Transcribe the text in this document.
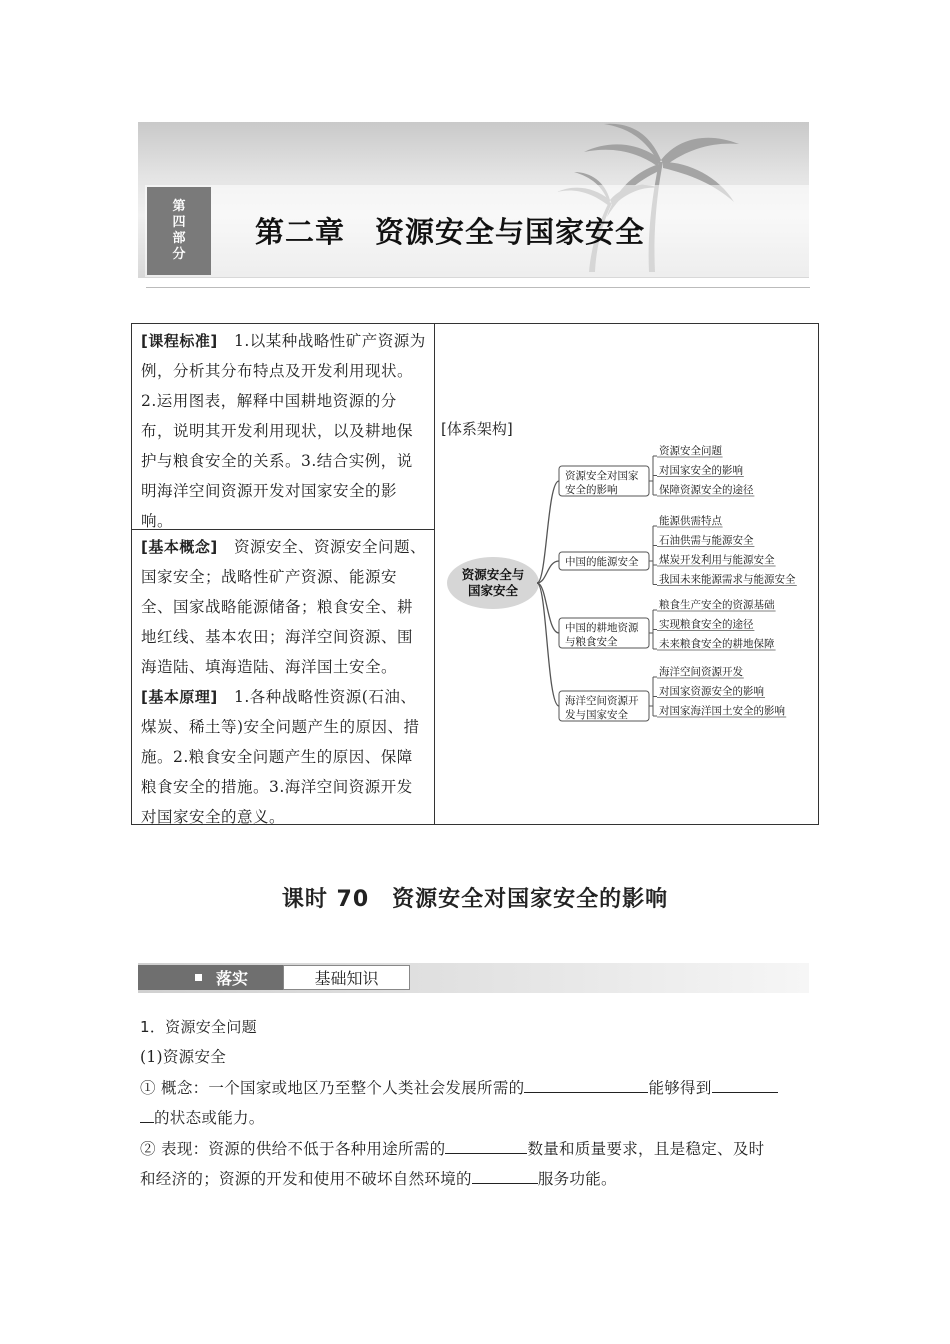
第四部分
第二章　资源安全与国家安全
[课程标准] 1.以某种战略性矿产资源为例，分析其分布特点及开发利用现状。2.运用图表，解释中国耕地资源的分布，说明其开发利用现状，以及耕地保护与粮食安全的关系。3.结合实例，说明海洋空间资源开发对国家安全的影响。
[基本概念] 资源安全、资源安全问题、国家安全；战略性矿产资源、能源安全、国家战略能源储备；粮食安全、耕地红线、基本农田；海洋空间资源、围海造陆、填海造陆、海洋国土安全。
[基本原理] 1.各种战略性资源(石油、煤炭、稀土等)安全问题产生的原因、措施。2.粮食安全问题产生的原因、保障粮食安全的措施。3.海洋空间资源开发对国家安全的意义。
[体系架构]
资源安全与
国家安全
资源安全对国家
安全的影响
资源安全问题
对国家安全的影响
保障资源安全的途径
中国的能源安全
能源供需特点
石油供需与能源安全
煤炭开发利用与能源安全
我国未来能源需求与能源安全
中国的耕地资源
与粮食安全
粮食生产安全的资源基础
实现粮食安全的途径
未来粮食安全的耕地保障
海洋空间资源开
发与国家安全
海洋空间资源开发
对国家资源安全的影响
对国家海洋国土安全的影响
课时 70　资源安全对国家安全的影响
落实	基础知识
1．资源安全问题
(1)资源安全
① 概念：一个国家或地区乃至整个人类社会发展所需的	能够得到
的状态或能力。
② 表现：资源的供给不低于各种用途所需的	数量和质量要求，且是稳定、及时
和经济的；资源的开发和使用不破坏自然环境的	服务功能。
